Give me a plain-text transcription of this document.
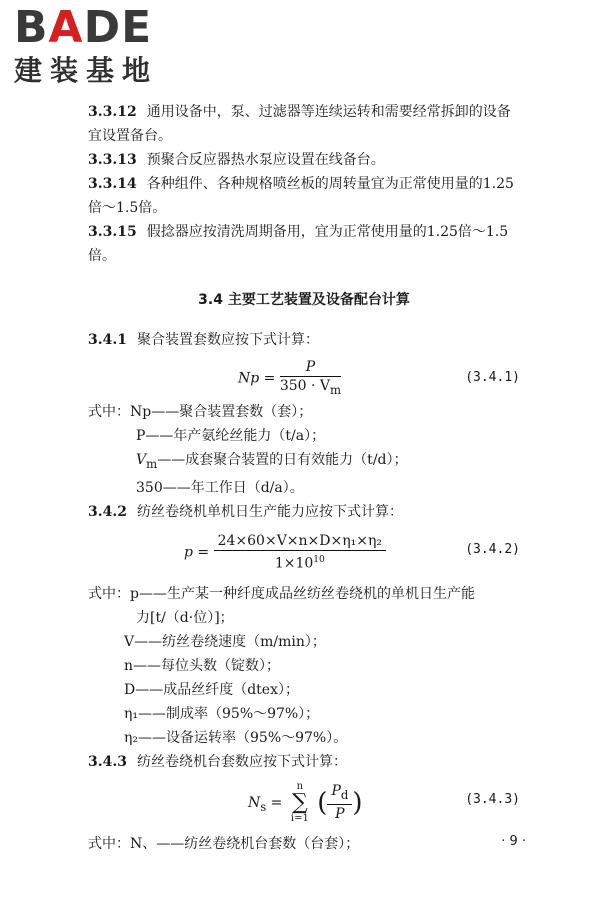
BADE
建装基地

3.3.12 通用设备中，泵、过滤器等连续运转和需要经常拆卸的设备宜设置备台。

3.3.13 预聚合反应器热水泵应设置在线备台。

3.3.14 各种组件、各种规格喷丝板的周转量宜为正常使用量的1.25倍～1.5倍。

3.3.15 假捻器应按清洗周期备用，宜为正常使用量的1.25倍～1.5倍。

3.4 主要工艺装置及设备配台计算

3.4.1 聚合装置套数应按下式计算：

$Np = \frac{P}{350 \cdot V_m}$	(3.4.1)
式中：Np——聚合装置套数（套）；
P——年产氨纶丝能力（t/a）；
$V_m——$成套聚合装置的日有效能力（t/d）；
350——年工作日（d/a）。

3.4.2 纺丝卷绕机单机日生产能力应按下式计算：

$p = \frac{\text{24×60×V×n×D×η₁×η₂}}{1\times 10^{10}}$	(3.4.2)
式中：p——生产某一种纤度成品丝纺丝卷绕机的单机日生产能
力[t/（d·位）]；
V——纺丝卷绕速度（m/min）；
n——每位头数（锭数）；
D——成品丝纤度（dtex）；
η₁——制成率（95%～97%）；
η₂——设备运转率（95%～97%）。

3.4.3 纺丝卷绕机台套数应按下式计算：

$N_s$ =
n
∑
i=1
( $\frac{P_d}{P}$ )	(3.4.3)
式中：N、——纺丝卷绕机台套数（台套）；	· 9 ·
